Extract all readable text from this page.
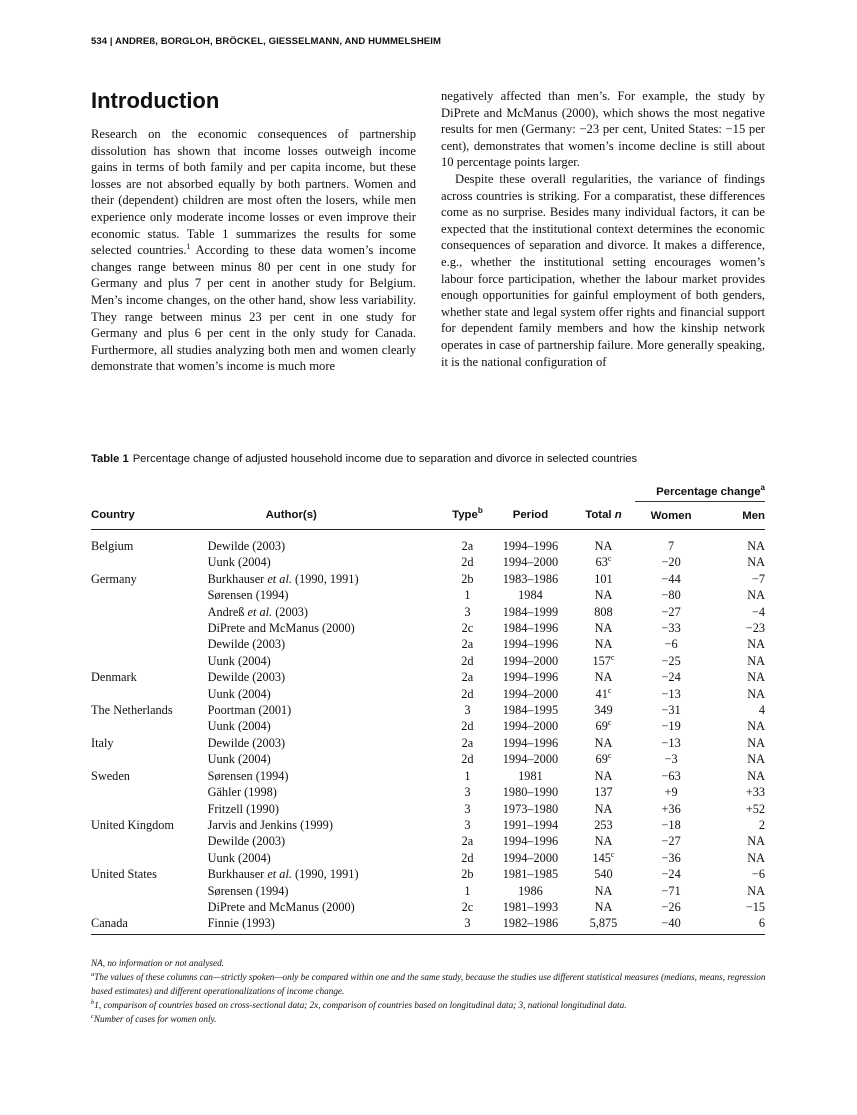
534 | ANDREß, BORGLOH, BRÖCKEL, GIESSELMANN, AND HUMMELSHEIM
Introduction

Research on the economic consequences of partnership dissolution has shown that income losses outweigh income gains in terms of both family and per capita income, but these losses are not absorbed equally by both partners. Women and their (dependent) children are most often the losers, while men experience only moderate income losses or even improve their economic status. Table 1 summarizes the results for some selected countries.$^1$ According to these data women’s income changes range between minus 80 per cent in one study for Germany and plus 7 per cent in another study for Belgium. Men’s income changes, on the other hand, show less variability. They range between minus 23 per cent in one study for Germany and plus 6 per cent in the only study for Canada. Furthermore, all studies analyzing both men and women clearly demonstrate that women’s income is much more

negatively affected than men’s. For example, the study by DiPrete and McManus (2000), which shows the most negative results for men (Germany: −23 per cent, United States: −15 per cent), demonstrates that women’s income decline is still about 10 percentage points larger.

Despite these overall regularities, the variance of findings across countries is striking. For a comparatist, these differences come as no surprise. Besides many individual factors, it can be expected that the institutional context determines the economic consequences of separation and divorce. It makes a difference, e.g., whether the institutional setting encourages women’s labour force participation, whether the labour market provides enough opportunities for gainful employment of both genders, whether state and legal system offer rights and financial support for dependent family members and how the kinship network operates in case of partnership failure. More generally speaking, it is the national configuration of

Table 1 Percentage change of adjusted household income due to separation and divorce in selected countries
					Percentage change$^a$
Country	Author(s)	Type$^b$	Period	Total n	Women	Men
Belgium	Dewilde (2003)	2a	1994–1996	NA	7	NA
	Uunk (2004)	2d	1994–2000	$63^c$	−20	NA
Germany	Burkhauser et al. (1990, 1991)	2b	1983–1986	101	−44	−7
	Sørensen (1994)	1	1984	NA	−80	NA
	Andreß et al. (2003)	3	1984–1999	808	−27	−4
	DiPrete and McManus (2000)	2c	1984–1996	NA	−33	−23
	Dewilde (2003)	2a	1994–1996	NA	−6	NA
	Uunk (2004)	2d	1994–2000	$157^c$	−25	NA
Denmark	Dewilde (2003)	2a	1994–1996	NA	−24	NA
	Uunk (2004)	2d	1994–2000	$41^c$	−13	NA
The Netherlands	Poortman (2001)	3	1984–1995	349	−31	4
	Uunk (2004)	2d	1994–2000	$69^c$	−19	NA
Italy	Dewilde (2003)	2a	1994–1996	NA	−13	NA
	Uunk (2004)	2d	1994–2000	$69^c$	−3	NA
Sweden	Sørensen (1994)	1	1981	NA	−63	NA
	Gähler (1998)	3	1980–1990	137	+9	+33
	Fritzell (1990)	3	1973–1980	NA	+36	+52
United Kingdom	Jarvis and Jenkins (1999)	3	1991–1994	253	−18	2
	Dewilde (2003)	2a	1994–1996	NA	−27	NA
	Uunk (2004)	2d	1994–2000	$145^c$	−36	NA
United States	Burkhauser et al. (1990, 1991)	2b	1981–1985	540	−24	−6
	Sørensen (1994)	1	1986	NA	−71	NA
	DiPrete and McManus (2000)	2c	1981–1993	NA	−26	−15
Canada	Finnie (1993)	3	1982–1986	5,875	−40	6
NA, no information or not analysed.
$^a$The values of these columns can—strictly spoken—only be compared within one and the same study, because the studies use different statistical measures (medians, means, regression based estimates) and different operationalizations of income change.
$^b$1, comparison of countries based on cross-sectional data; 2x, comparison of countries based on longitudinal data; 3, national longitudinal data.
$^c$Number of cases for women only.
